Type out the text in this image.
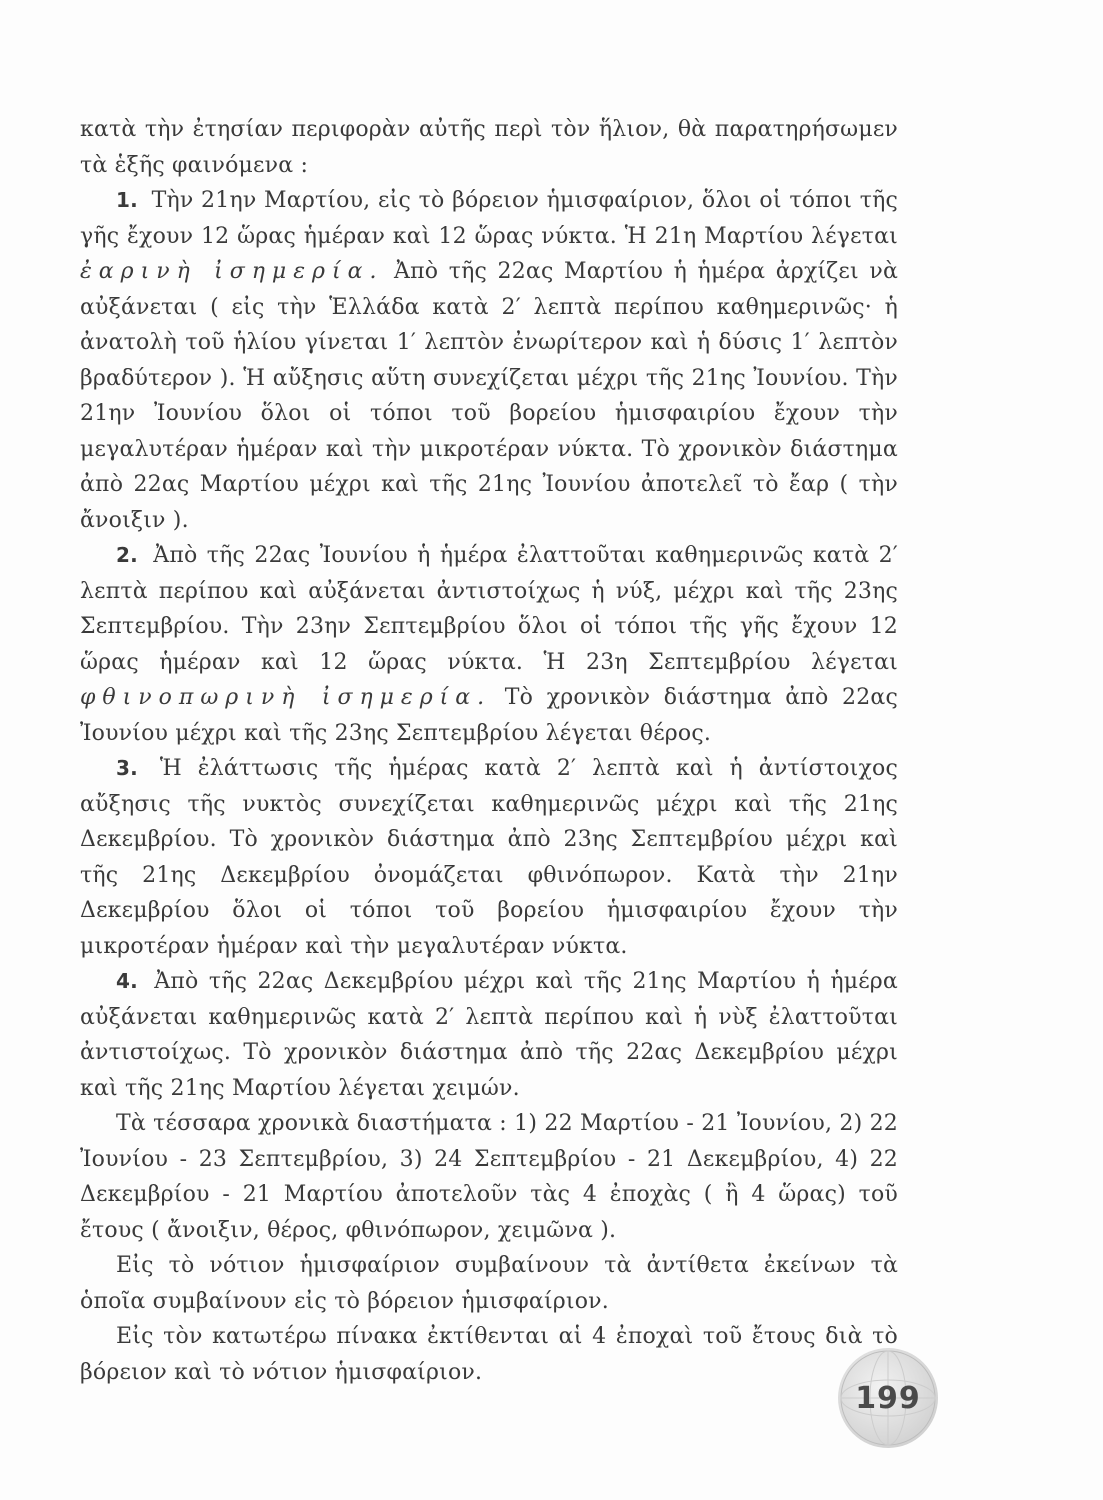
κατὰ τὴν ἐτησίαν περιφορὰν αὐτῆς περὶ τὸν ἥλιον, θὰ παρατηρήσωμεν τὰ ἑξῆς φαινόμενα :

1. Τὴν 21ην Μαρτίου, εἰς τὸ βόρειον ἡμισφαίριον, ὅλοι οἱ τόποι τῆς γῆς ἔχουν 12 ὥρας ἡμέραν καὶ 12 ὥρας νύκτα. Ἡ 21η Μαρτίου λέγεται ἐαρινὴ ἰσημερία. Ἀπὸ τῆς 22ας Μαρτίου ἡ ἡμέρα ἀρχίζει νὰ αὐξάνεται ( εἰς τὴν Ἑλλάδα κατὰ 2′ λεπτὰ περίπου καθημερινῶς· ἡ ἀνατολὴ τοῦ ἡλίου γίνεται 1′ λεπτὸν ἐνωρίτερον καὶ ἡ δύσις 1′ λεπτὸν βραδύτερον ). Ἡ αὔξησις αὕτη συνεχίζεται μέχρι τῆς 21ης Ἰουνίου. Τὴν 21ην Ἰουνίου ὅλοι οἱ τόποι τοῦ βορείου ἡμισφαιρίου ἔχουν τὴν μεγαλυτέραν ἡμέραν καὶ τὴν μικροτέραν νύκτα. Τὸ χρονικὸν διάστημα ἀπὸ 22ας Μαρτίου μέχρι καὶ τῆς 21ης Ἰουνίου ἀποτελεῖ τὸ ἔαρ ( τὴν ἄνοιξιν ).

2. Ἀπὸ τῆς 22ας Ἰουνίου ἡ ἡμέρα ἐλαττοῦται καθημερινῶς κατὰ 2′ λεπτὰ περίπου καὶ αὐξάνεται ἀντιστοίχως ἡ νύξ, μέχρι καὶ τῆς 23ης Σεπτεμβρίου. Τὴν 23ην Σεπτεμβρίου ὅλοι οἱ τόποι τῆς γῆς ἔχουν 12 ὥρας ἡμέραν καὶ 12 ὥρας νύκτα. Ἡ 23η Σεπτεμβρίου λέγεται φθινοπωρινὴ ἰσημερία. Τὸ χρονικὸν διάστημα ἀπὸ 22ας Ἰουνίου μέχρι καὶ τῆς 23ης Σεπτεμβρίου λέγεται θέρος.

3. Ἡ ἐλάττωσις τῆς ἡμέρας κατὰ 2′ λεπτὰ καὶ ἡ ἀντίστοιχος αὔξησις τῆς νυκτὸς συνεχίζεται καθημερινῶς μέχρι καὶ τῆς 21ης Δεκεμβρίου. Τὸ χρονικὸν διάστημα ἀπὸ 23ης Σεπτεμβρίου μέχρι καὶ τῆς 21ης Δεκεμβρίου ὀνομάζεται φθινόπωρον. Κατὰ τὴν 21ην Δεκεμβρίου ὅλοι οἱ τόποι τοῦ βορείου ἡμισφαιρίου ἔχουν τὴν μικροτέραν ἡμέραν καὶ τὴν μεγαλυτέραν νύκτα.

4. Ἀπὸ τῆς 22ας Δεκεμβρίου μέχρι καὶ τῆς 21ης Μαρτίου ἡ ἡμέρα αὐξάνεται καθημερινῶς κατὰ 2′ λεπτὰ περίπου καὶ ἡ νὺξ ἐλαττοῦται ἀντιστοίχως. Τὸ χρονικὸν διάστημα ἀπὸ τῆς 22ας Δεκεμβρίου μέχρι καὶ τῆς 21ης Μαρτίου λέγεται χειμών.

Τὰ τέσσαρα χρονικὰ διαστήματα : 1) 22 Μαρτίου - 21 Ἰουνίου, 2) 22 Ἰουνίου - 23 Σεπτεμβρίου, 3) 24 Σεπτεμβρίου - 21 Δεκεμβρίου, 4) 22 Δεκεμβρίου - 21 Μαρτίου ἀποτελοῦν τὰς 4 ἐποχὰς ( ἢ 4 ὥρας) τοῦ ἔτους ( ἄνοιξιν, θέρος, φθινόπωρον, χειμῶνα ).

Εἰς τὸ νότιον ἡμισφαίριον συμβαίνουν τὰ ἀντίθετα ἐκείνων τὰ ὁποῖα συμβαίνουν εἰς τὸ βόρειον ἡμισφαίριον.

Εἰς τὸν κατωτέρω πίνακα ἐκτίθενται αἱ 4 ἐποχαὶ τοῦ ἔτους διὰ τὸ βόρειον καὶ τὸ νότιον ἡμισφαίριον.

199
